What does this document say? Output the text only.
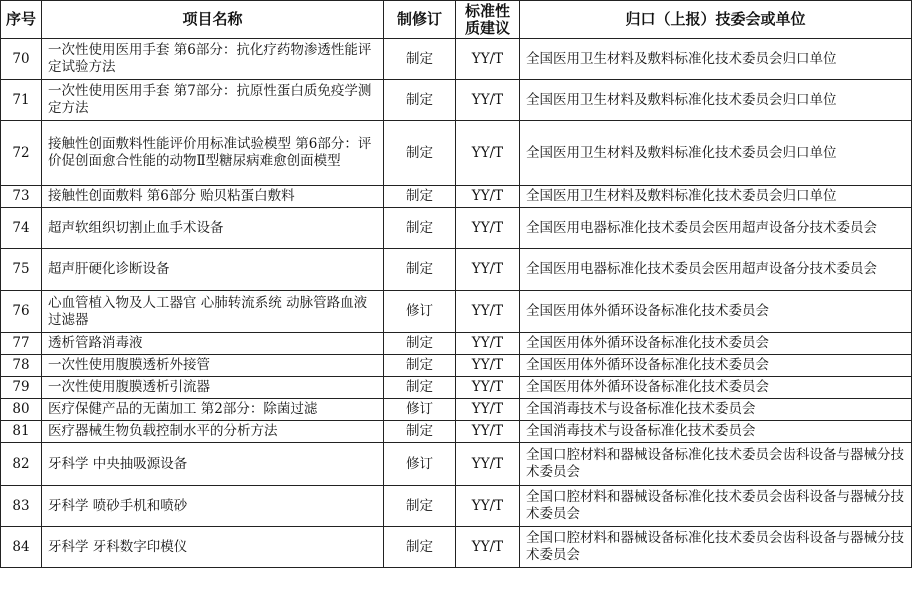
序号	项目名称	制修订	标准性质建议	归口（上报）技委会或单位
70	一次性使用医用手套 第6部分：抗化疗药物渗透性能评定试验方法	制定	YY/T	全国医用卫生材料及敷料标准化技术委员会归口单位
71	一次性使用医用手套 第7部分：抗原性蛋白质免疫学测定方法	制定	YY/T	全国医用卫生材料及敷料标准化技术委员会归口单位
72	接触性创面敷料性能评价用标准试验模型 第6部分：评价促创面愈合性能的动物Ⅱ型糖尿病难愈创面模型	制定	YY/T	全国医用卫生材料及敷料标准化技术委员会归口单位
73	接触性创面敷料 第6部分 贻贝粘蛋白敷料	制定	YY/T	全国医用卫生材料及敷料标准化技术委员会归口单位
74	超声软组织切割止血手术设备	制定	YY/T	全国医用电器标准化技术委员会医用超声设备分技术委员会
75	超声肝硬化诊断设备	制定	YY/T	全国医用电器标准化技术委员会医用超声设备分技术委员会
76	心血管植入物及人工器官 心肺转流系统 动脉管路血液过滤器	修订	YY/T	全国医用体外循环设备标准化技术委员会
77	透析管路消毒液	制定	YY/T	全国医用体外循环设备标准化技术委员会
78	一次性使用腹膜透析外接管	制定	YY/T	全国医用体外循环设备标准化技术委员会
79	一次性使用腹膜透析引流器	制定	YY/T	全国医用体外循环设备标准化技术委员会
80	医疗保健产品的无菌加工 第2部分：除菌过滤	修订	YY/T	全国消毒技术与设备标准化技术委员会
81	医疗器械生物负载控制水平的分析方法	制定	YY/T	全国消毒技术与设备标准化技术委员会
82	牙科学 中央抽吸源设备	修订	YY/T	全国口腔材料和器械设备标准化技术委员会齿科设备与器械分技术委员会
83	牙科学 喷砂手机和喷砂	制定	YY/T	全国口腔材料和器械设备标准化技术委员会齿科设备与器械分技术委员会
84	牙科学 牙科数字印模仪	制定	YY/T	全国口腔材料和器械设备标准化技术委员会齿科设备与器械分技术委员会
